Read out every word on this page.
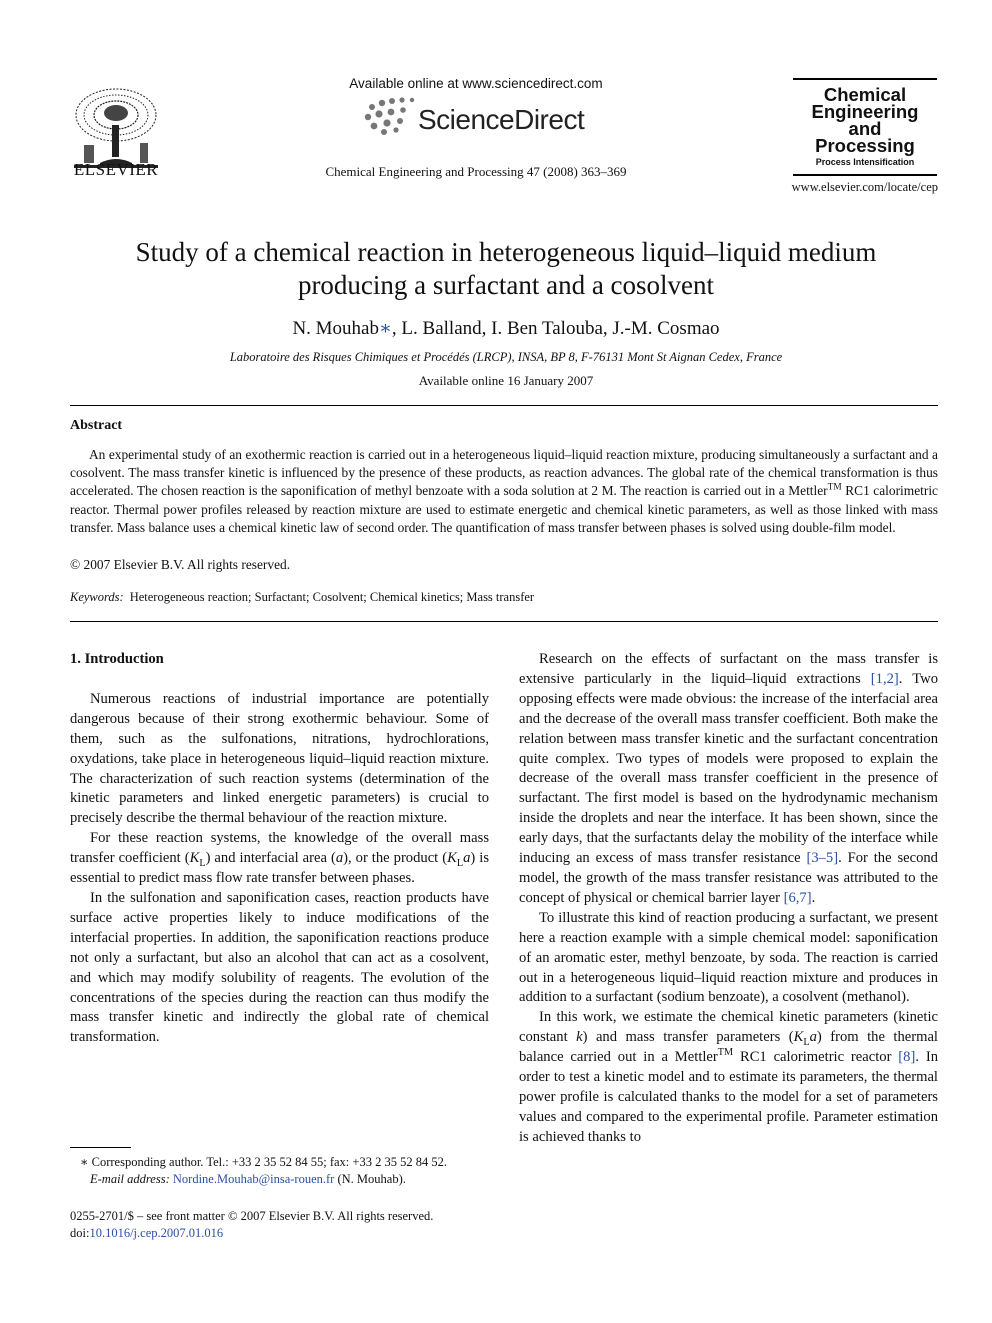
ELSEVIER
Available online at www.sciencedirect.com
ScienceDirect
Chemical Engineering and Processing 47 (2008) 363–369
Chemical
Engineering
and
Processing
Process Intensification
www.elsevier.com/locate/cep
Study of a chemical reaction in heterogeneous liquid–liquid medium
producing a surfactant and a cosolvent
N. Mouhab∗, L. Balland, I. Ben Talouba, J.-M. Cosmao
Laboratoire des Risques Chimiques et Procédés (LRCP), INSA, BP 8, F-76131 Mont St Aignan Cedex, France
Available online 16 January 2007
Abstract
An experimental study of an exothermic reaction is carried out in a heterogeneous liquid–liquid reaction mixture, producing simultaneously a surfactant and a cosolvent. The mass transfer kinetic is influenced by the presence of these products, as reaction advances. The global rate of the chemical transformation is thus accelerated. The chosen reaction is the saponification of methyl benzoate with a soda solution at 2 M. The reaction is carried out in a Mettler™ RC1 calorimetric reactor. Thermal power profiles released by reaction mixture are used to estimate energetic and chemical kinetic parameters, as well as those linked with mass transfer. Mass balance uses a chemical kinetic law of second order. The quantification of mass transfer between phases is solved using double-film model.
© 2007 Elsevier B.V. All rights reserved.
Keywords: Heterogeneous reaction; Surfactant; Cosolvent; Chemical kinetics; Mass transfer
1. Introduction

Numerous reactions of industrial importance are potentially dangerous because of their strong exothermic behaviour. Some of them, such as the sulfonations, nitrations, hydrochlorations, oxydations, take place in heterogeneous liquid–liquid reaction mixture. The characterization of such reaction systems (determination of the kinetic parameters and linked energetic parameters) is crucial to precisely describe the thermal behaviour of the reaction mixture.

For these reaction systems, the knowledge of the overall mass transfer coefficient $(K_L)$ and interfacial area (a), or the product $(K_La)$ is essential to predict mass flow rate transfer between phases.

In the sulfonation and saponification cases, reaction products have surface active properties likely to induce modifications of the interfacial properties. In addition, the saponification reactions produce not only a surfactant, but also an alcohol that can act as a cosolvent, and which may modify solubility of reagents. The evolution of the concentrations of the species during the reaction can thus modify the mass transfer kinetic and indirectly the global rate of chemical transformation.

Research on the effects of surfactant on the mass transfer is extensive particularly in the liquid–liquid extractions [1,2]. Two opposing effects were made obvious: the increase of the interfacial area and the decrease of the overall mass transfer coefficient. Both make the relation between mass transfer kinetic and the surfactant concentration quite complex. Two types of models were proposed to explain the decrease of the overall mass transfer coefficient in the presence of surfactant. The first model is based on the hydrodynamic mechanism inside the droplets and near the interface. It has been shown, since the early days, that the surfactants delay the mobility of the interface while inducing an excess of mass transfer resistance [3–5]. For the second model, the growth of the mass transfer resistance was attributed to the concept of physical or chemical barrier layer [6,7].

To illustrate this kind of reaction producing a surfactant, we present here a reaction example with a simple chemical model: saponification of an aromatic ester, methyl benzoate, by soda. The reaction is carried out in a heterogeneous liquid–liquid reaction mixture and produces in addition to a surfactant (sodium benzoate), a cosolvent (methanol).

In this work, we estimate the chemical kinetic parameters (kinetic constant k) and mass transfer parameters $(K_La)$ from the thermal balance carried out in a Mettler™ RC1 calorimetric reactor [8]. In order to test a kinetic model and to estimate its parameters, the thermal power profile is calculated thanks to the model for a set of parameters values and compared to the experimental profile. Parameter estimation is achieved thanks to

∗ Corresponding author. Tel.: +33 2 35 52 84 55; fax: +33 2 35 52 84 52.
E-mail address: Nordine.Mouhab@insa-rouen.fr (N. Mouhab).
0255-2701/$ – see front matter © 2007 Elsevier B.V. All rights reserved.
doi:10.1016/j.cep.2007.01.016
